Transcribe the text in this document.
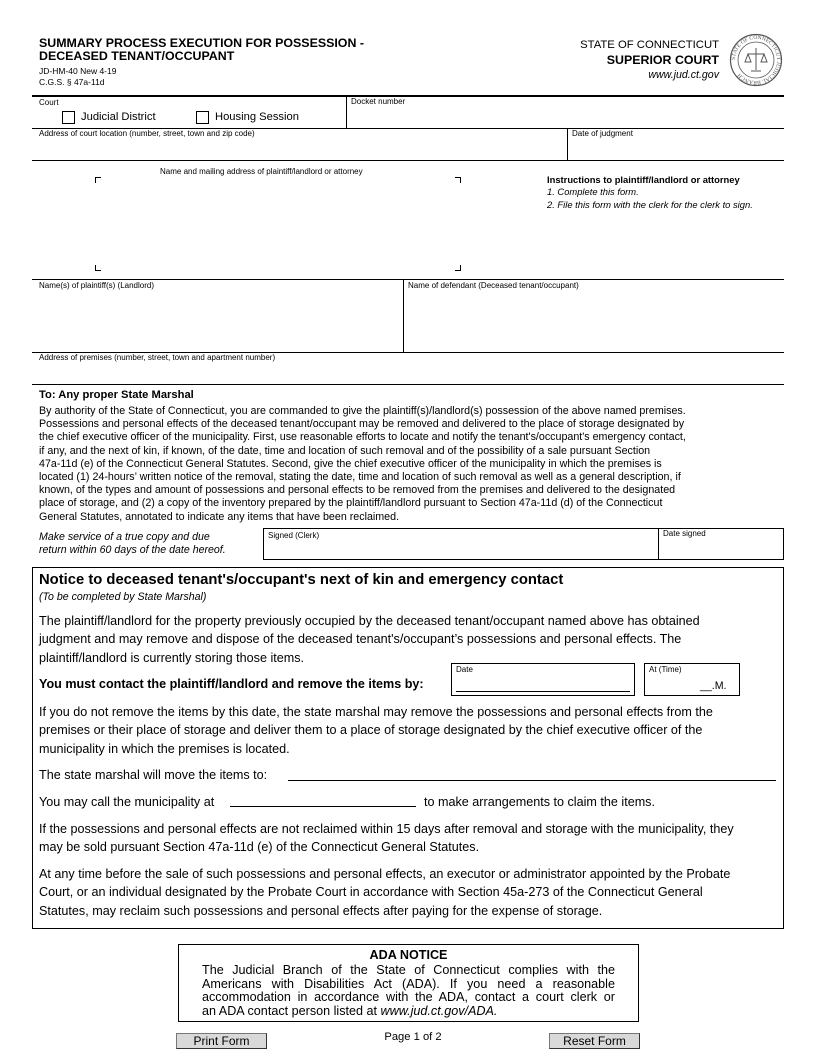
SUMMARY PROCESS EXECUTION FOR POSSESSION -
DECEASED TENANT/OCCUPANT
JD-HM-40 New 4-19
C.G.S. § 47a-11d
STATE OF CONNECTICUT
SUPERIOR COURT
www.jud.ct.gov
STATE OF CONNECTICUT JUDICIAL BRANCH
Court
Judicial District	Housing Session
Docket number
Address of court location (number, street, town and zip code)	Date of judgment
Name and mailing address of plaintiff/landlord or attorney
Instructions to plaintiff/landlord or attorney
1. Complete this form.
2. File this form with the clerk for the clerk to sign.
Name(s) of plaintiff(s) (Landlord)	Name of defendant (Deceased tenant/occupant)
Address of premises (number, street, town and apartment number)
To: Any proper State Marshal
By authority of the State of Connecticut, you are commanded to give the plaintiff(s)/landlord(s) possession of the above named premises.
Possessions and personal effects of the deceased tenant/occupant may be removed and delivered to the place of storage designated by
the chief executive officer of the municipality. First, use reasonable efforts to locate and notify the tenant's/occupant's emergency contact,
if any, and the next of kin, if known, of the date, time and location of such removal and of the possibility of a sale pursuant Section
47a-11d (e) of the Connecticut General Statutes. Second, give the chief executive officer of the municipality in which the premises is
located (1) 24-hours’ written notice of the removal, stating the date, time and location of such removal as well as a general description, if
known, of the types and amount of possessions and personal effects to be removed from the premises and delivered to the designated
place of storage, and (2) a copy of the inventory prepared by the plaintiff/landlord pursuant to Section 47a-11d (d) of the Connecticut
General Statutes, annotated to indicate any items that have been reclaimed.
Make service of a true copy and due
return within 60 days of the date hereof.
Signed (Clerk)	Date signed
Notice to deceased tenant's/occupant's next of kin and emergency contact
(To be completed by State Marshal)
The plaintiff/landlord for the property previously occupied by the deceased tenant/occupant named above has obtained
judgment and may remove and dispose of the deceased tenant's/occupant’s possessions and personal effects. The
plaintiff/landlord is currently storing those items.
You must contact the plaintiff/landlord and remove the items by:
Date	At (Time)
__.M.
If you do not remove the items by this date, the state marshal may remove the possessions and personal effects from the
premises or their place of storage and deliver them to a place of storage designated by the chief executive officer of the
municipality in which the premises is located.
The state marshal will move the items to:
You may call the municipality at	to make arrangements to claim the items.
If the possessions and personal effects are not reclaimed within 15 days after removal and storage with the municipality, they
may be sold pursuant Section 47a-11d (e) of the Connecticut General Statutes.
At any time before the sale of such possessions and personal effects, an executor or administrator appointed by the Probate
Court, or an individual designated by the Probate Court in accordance with Section 45a-273 of the Connecticut General
Statutes, may reclaim such possessions and personal effects after paying for the expense of storage.
ADA NOTICE
The Judicial Branch of the State of Connecticut complies with the
Americans with Disabilities Act (ADA). If you need a reasonable
accommodation in accordance with the ADA, contact a court clerk or
an ADA contact person listed at www.jud.ct.gov/ADA.
Print Form	Page 1 of 2	Reset Form
